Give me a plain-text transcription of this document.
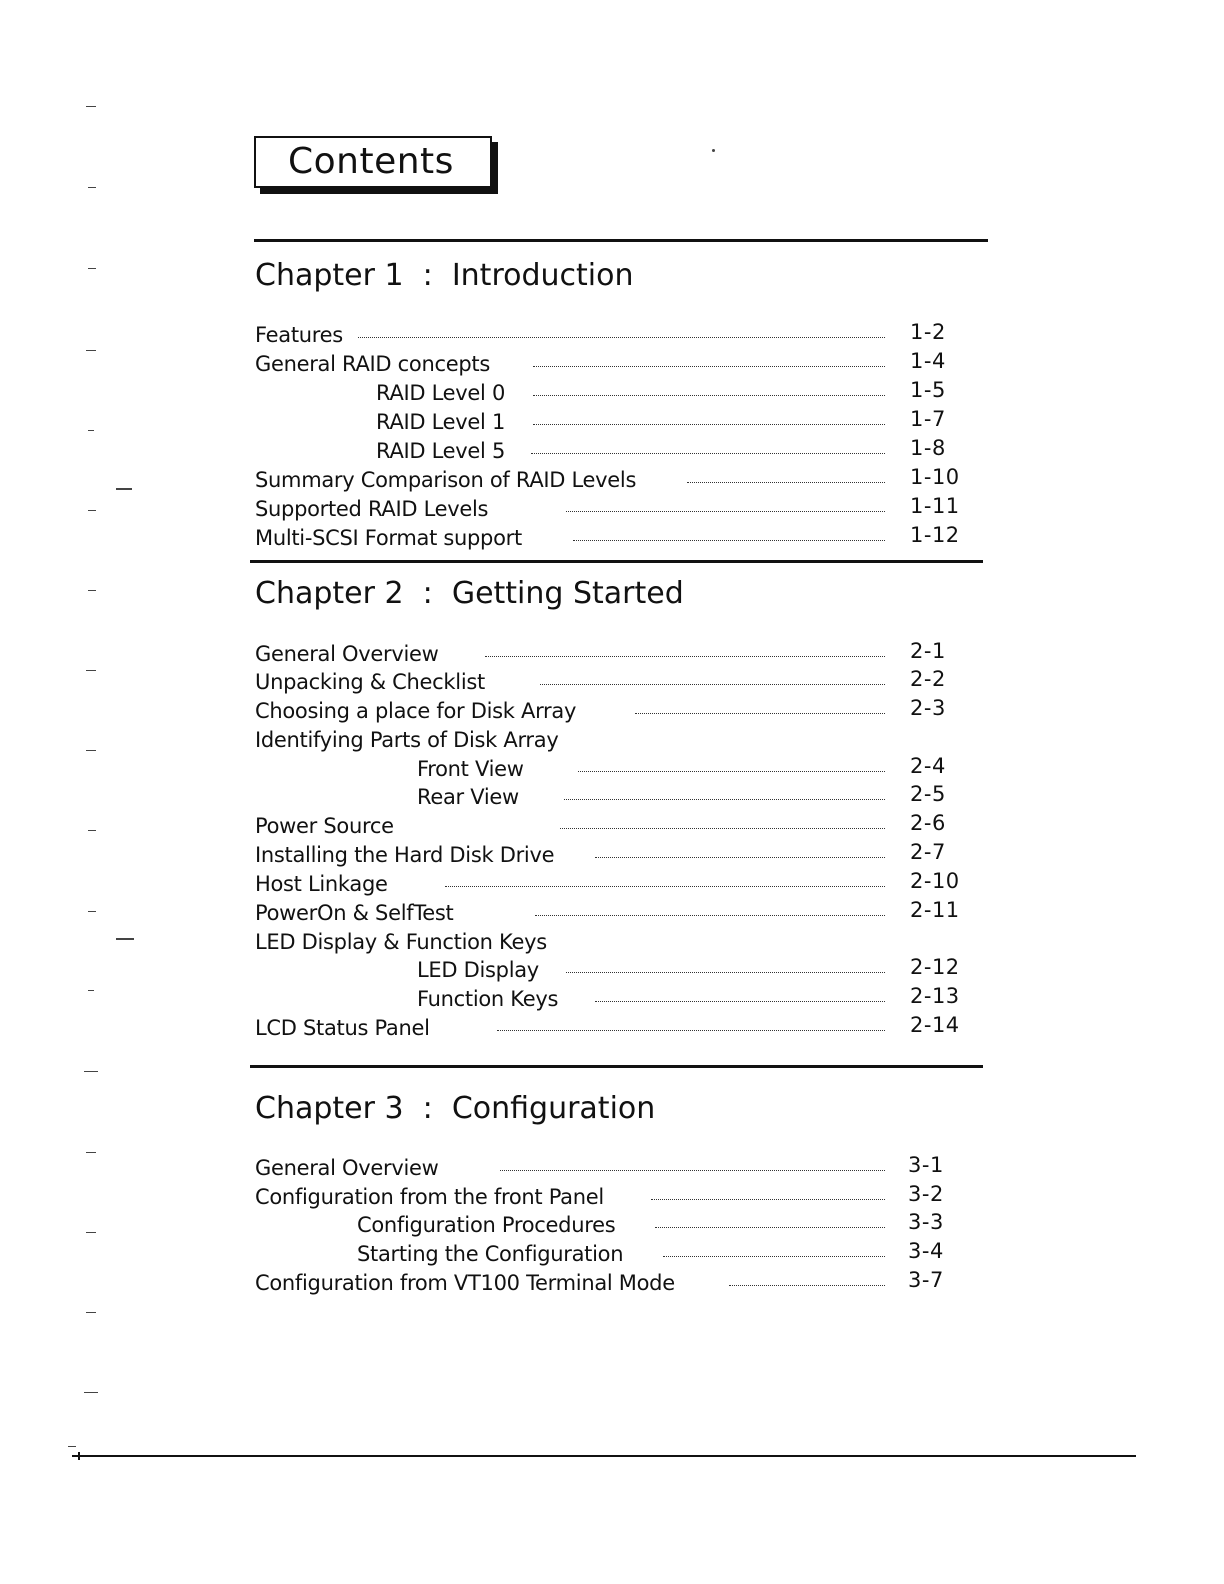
Contents
Chapter 1  :  Introduction
Chapter 2  :  Getting Started
Chapter 3  :  Configuration
Features	1-2
General RAID concepts	1-4
RAID Level 0	1-5
RAID Level 1	1-7
RAID Level 5	1-8
Summary Comparison of RAID Levels	1-10
Supported RAID Levels	1-11
Multi-SCSI Format support	1-12
General Overview	2-1
Unpacking & Checklist	2-2
Choosing a place for Disk Array	2-3
Identifying Parts of Disk Array
Front View	2-4
Rear View	2-5
Power Source	2-6
Installing the Hard Disk Drive	2-7
Host Linkage	2-10
PowerOn & SelfTest	2-11
LED Display & Function Keys
LED Display	2-12
Function Keys	2-13
LCD Status Panel	2-14
General Overview	3-1
Configuration from the front Panel	3-2
Configuration Procedures	3-3
Starting the Configuration	3-4
Configuration from VT100 Terminal Mode	3-7
